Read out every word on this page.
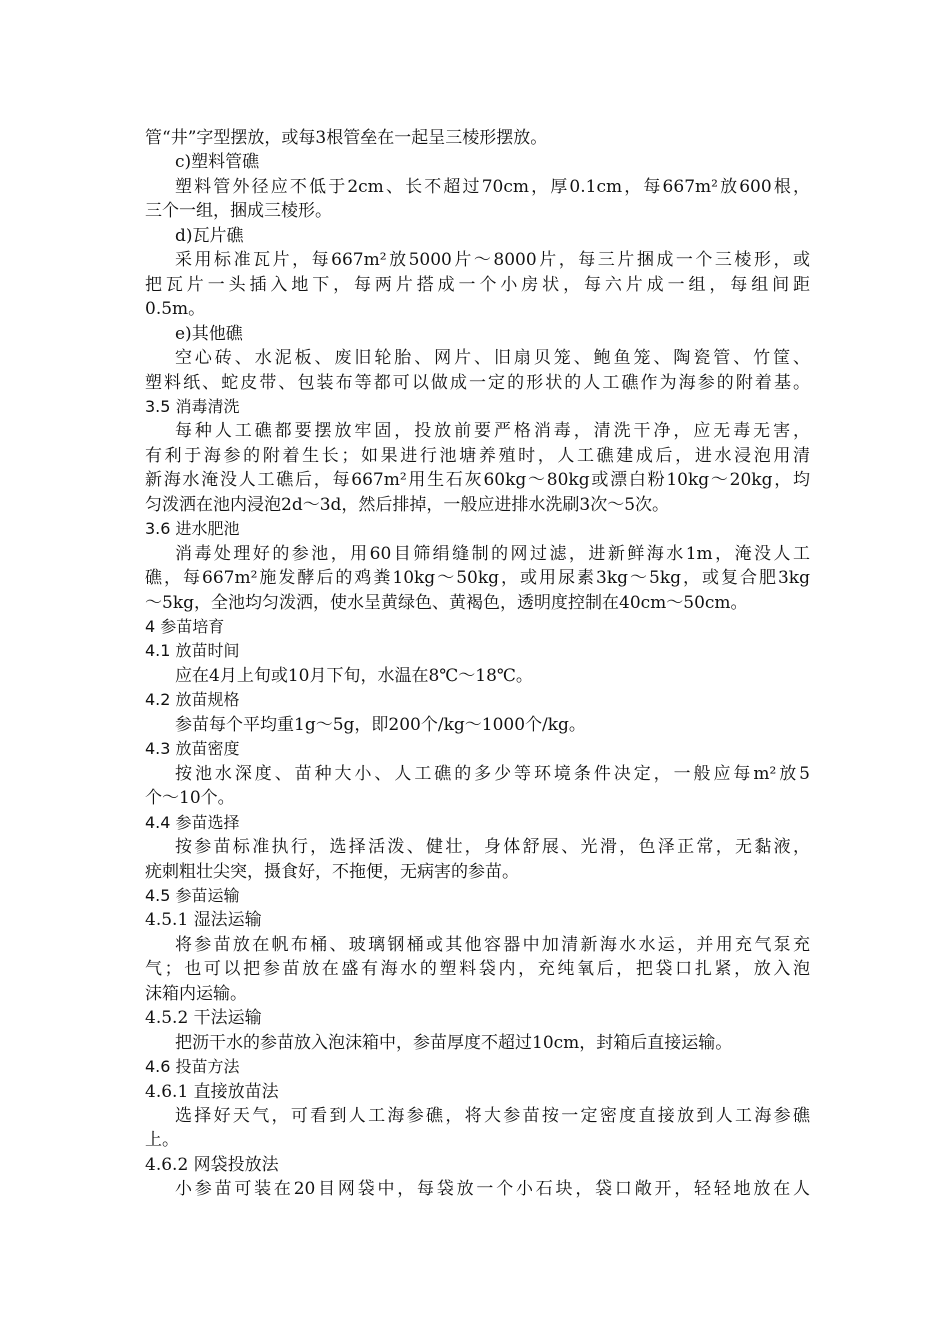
管“井”字型摆放，或每3根管垒在一起呈三棱形摆放。
c)塑料管礁
塑料管外径应不低于2cm、长不超过70cm，厚0.1cm，每667m²放600根，
三个一组，捆成三棱形。
d)瓦片礁
采用标准瓦片，每667m²放5000片～8000片，每三片捆成一个三棱形，或
把瓦片一头插入地下，每两片搭成一个小房状，每六片成一组，每组间距
0.5m。
e)其他礁
空心砖、水泥板、废旧轮胎、网片、旧扇贝笼、鲍鱼笼、陶瓷管、竹筐、
塑料纸、蛇皮带、包装布等都可以做成一定的形状的人工礁作为海参的附着基。
3.5 消毒清洗
每种人工礁都要摆放牢固，投放前要严格消毒，清洗干净，应无毒无害，
有利于海参的附着生长；如果进行池塘养殖时，人工礁建成后，进水浸泡用清
新海水淹没人工礁后，每667m²用生石灰60kg～80kg或漂白粉10kg～20kg，均
匀泼洒在池内浸泡2d～3d，然后排掉，一般应进排水洗刷3次～5次。
3.6 进水肥池
消毒处理好的参池，用60目筛绢缝制的网过滤，进新鲜海水1m，淹没人工
礁，每667m²施发酵后的鸡粪10kg～50kg，或用尿素3kg～5kg，或复合肥3kg
～5kg，全池均匀泼洒，使水呈黄绿色、黄褐色，透明度控制在40cm～50cm。
4 参苗培育
4.1 放苗时间
应在4月上旬或10月下旬，水温在8℃～18℃。
4.2 放苗规格
参苗每个平均重1g～5g，即200个/kg～1000个/kg。
4.3 放苗密度
按池水深度、苗种大小、人工礁的多少等环境条件决定，一般应每m²放5
个～10个。
4.4 参苗选择
按参苗标准执行，选择活泼、健壮，身体舒展、光滑，色泽正常，无黏液，
疣刺粗壮尖突，摄食好，不拖便，无病害的参苗。
4.5 参苗运输
4.5.1 湿法运输
将参苗放在帆布桶、玻璃钢桶或其他容器中加清新海水水运，并用充气泵充
气；也可以把参苗放在盛有海水的塑料袋内，充纯氧后，把袋口扎紧，放入泡
沫箱内运输。
4.5.2 干法运输
把沥干水的参苗放入泡沫箱中，参苗厚度不超过10cm，封箱后直接运输。
4.6 投苗方法
4.6.1 直接放苗法
选择好天气，可看到人工海参礁，将大参苗按一定密度直接放到人工海参礁
上。
4.6.2 网袋投放法
小参苗可装在20目网袋中，每袋放一个小石块，袋口敞开，轻轻地放在人
